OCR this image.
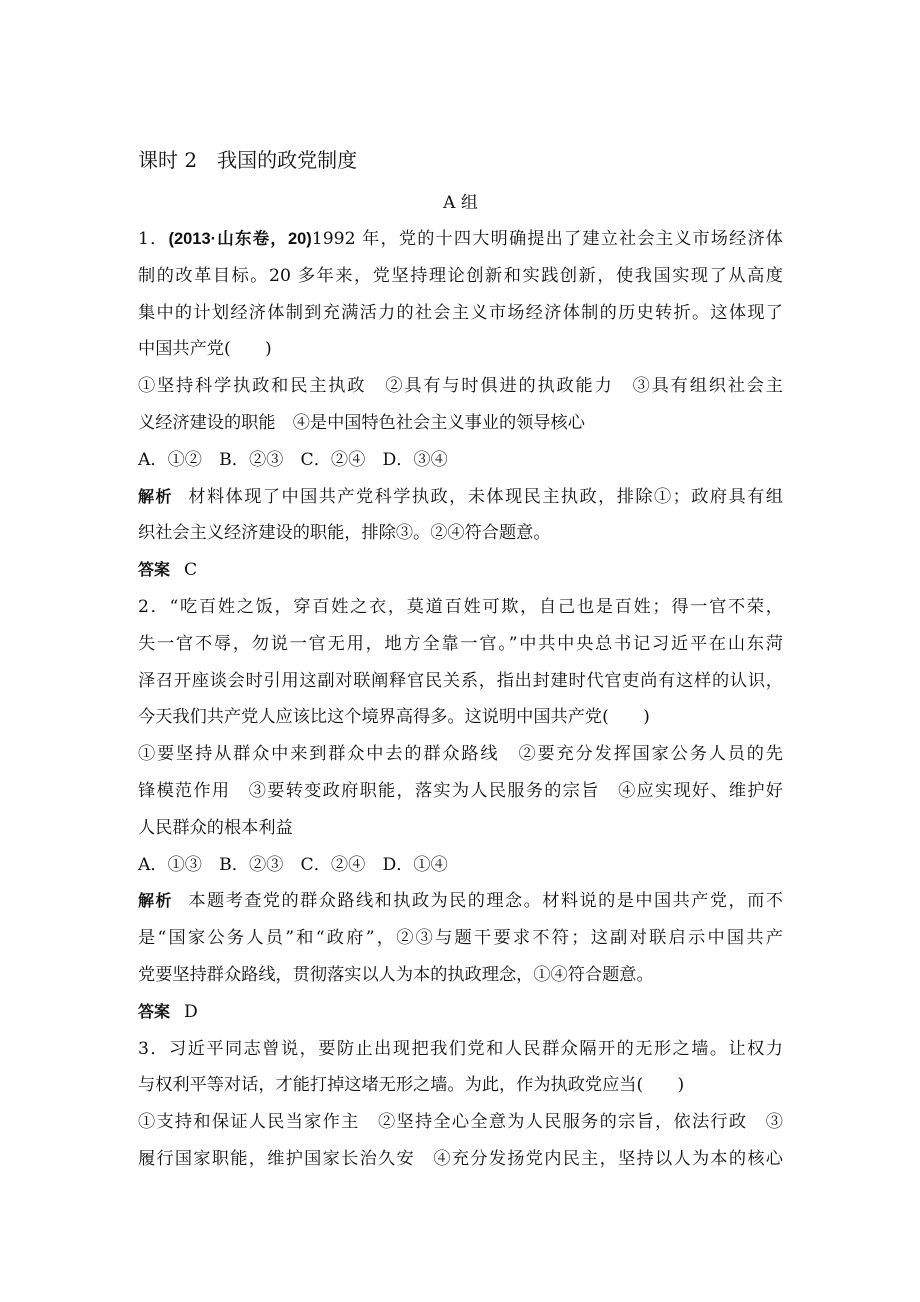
课时 2　我国的政党制度
A 组
1．(2013·山东卷，20)1992 年，党的十四大明确提出了建立社会主义市场经济体
制的改革目标。20 多年来，党坚持理论创新和实践创新，使我国实现了从高度
集中的计划经济体制到充满活力的社会主义市场经济体制的历史转折。这体现了
中国共产党(　　)
①坚持科学执政和民主执政　②具有与时俱进的执政能力　③具有组织社会主
义经济建设的职能　④是中国特色社会主义事业的领导核心
A．①②　B．②③　C．②④　D．③④
解析 材料体现了中国共产党科学执政，未体现民主执政，排除①；政府具有组
织社会主义经济建设的职能，排除③。②④符合题意。
答案 C
2．“吃百姓之饭，穿百姓之衣，莫道百姓可欺，自己也是百姓；得一官不荣，
失一官不辱，勿说一官无用，地方全靠一官。”中共中央总书记习近平在山东菏
泽召开座谈会时引用这副对联阐释官民关系，指出封建时代官吏尚有这样的认识，
今天我们共产党人应该比这个境界高得多。这说明中国共产党(　　)
①要坚持从群众中来到群众中去的群众路线　②要充分发挥国家公务人员的先
锋模范作用　③要转变政府职能，落实为人民服务的宗旨　④应实现好、维护好
人民群众的根本利益
A．①③　B．②③　C．②④　D．①④
解析 本题考查党的群众路线和执政为民的理念。材料说的是中国共产党，而不
是“国家公务人员”和“政府”，②③与题干要求不符；这副对联启示中国共产
党要坚持群众路线，贯彻落实以人为本的执政理念，①④符合题意。
答案 D
3．习近平同志曾说，要防止出现把我们党和人民群众隔开的无形之墙。让权力
与权利平等对话，才能打掉这堵无形之墙。为此，作为执政党应当(　　)
①支持和保证人民当家作主　②坚持全心全意为人民服务的宗旨，依法行政　③
履行国家职能，维护国家长治久安　④充分发扬党内民主，坚持以人为本的核心
